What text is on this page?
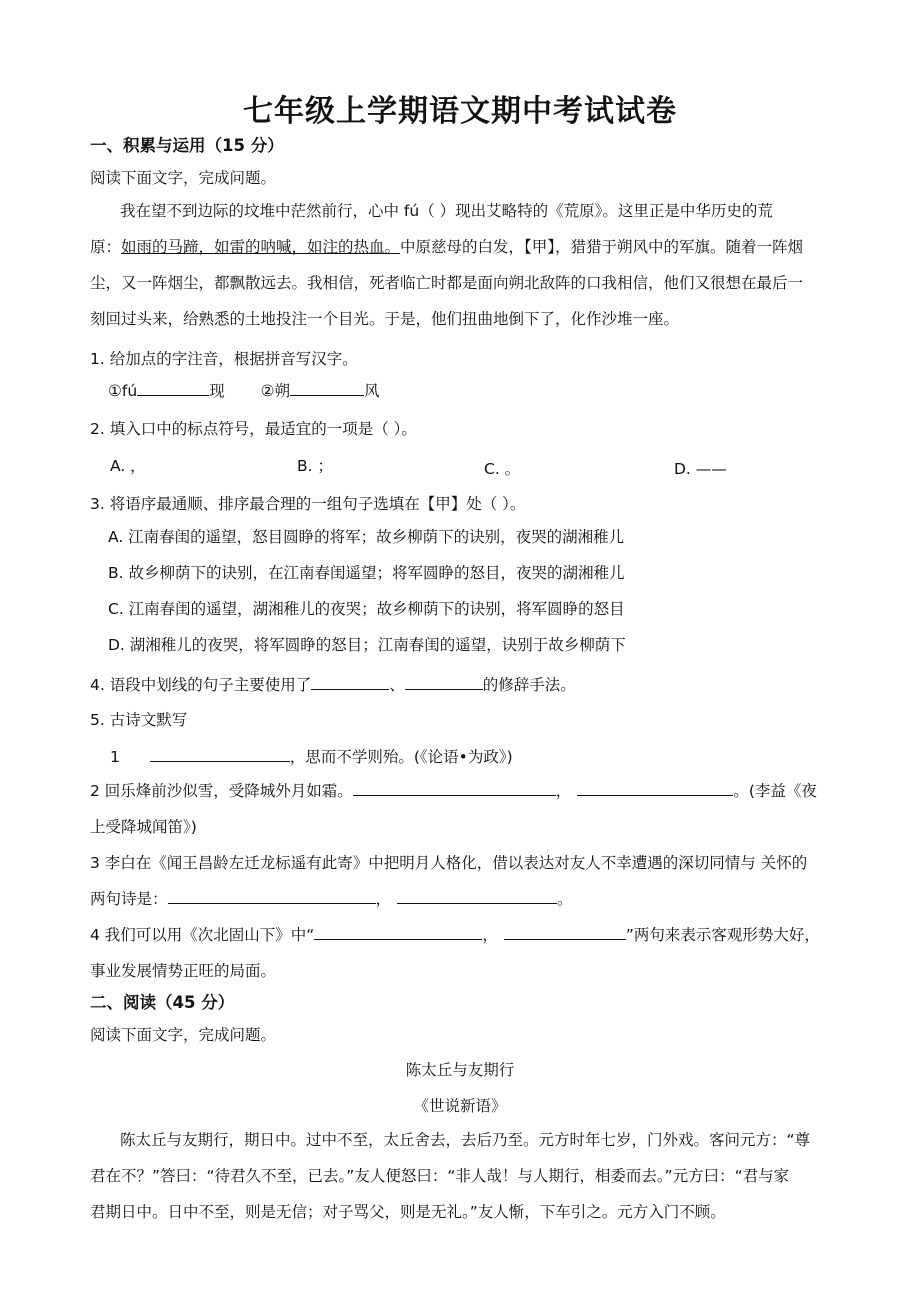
七年级上学期语文期中考试试卷
一、积累与运用（15 分）
阅读下面文字，完成问题。
我在望不到边际的坟堆中茫然前行，心中 fú（ ）现出艾略特的《荒原》。这里正是中华历史的荒
原：如雨的马蹄，如雷的呐喊，如注的热血。中原慈母的白发，【甲】，猎猎于朔风中的军旗。随着一阵烟
尘，又一阵烟尘，都飘散远去。我相信，死者临亡时都是面向朔北敌阵的口我相信，他们又很想在最后一
刻回过头来，给熟悉的土地投注一个目光。于是，他们扭曲地倒下了，化作沙堆一座。
1. 给加点的字注音，根据拼音写汉字。
①fú	现 ②朔	风
2. 填入口中的标点符号，最适宜的一项是（ ）。
A. ，	B. ；	C. 。	D. ——
3. 将语序最通顺、排序最合理的一组句子选填在【甲】处（ ）。
A. 江南春闺的遥望，怒目圆睁的将军；故乡柳荫下的诀别，夜哭的湖湘稚儿
B. 故乡柳荫下的诀别，在江南春闺遥望；将军圆睁的怒目，夜哭的湖湘稚儿
C. 江南春闺的遥望，湖湘稚儿的夜哭；故乡柳荫下的诀别，将军圆睁的怒目
D. 湖湘稚儿的夜哭，将军圆睁的怒目；江南春闺的遥望，诀别于故乡柳荫下
4. 语段中划线的句子主要使用了	、	的修辞手法。
5. 古诗文默写
1	，思而不学则殆。(《论语•为政》)
2 回乐烽前沙似雪，受降城外月如霜。	，	。(李益《夜
上受降城闻笛》)
3 李白在《闻王昌龄左迁龙标遥有此寄》中把明月人格化，借以表达对友人不幸遭遇的深切同情与 关怀的
两句诗是：	，	。
4 我们可以用《次北固山下》中“	，	”两句来表示客观形势大好，
事业发展情势正旺的局面。
二、阅读（45 分）
阅读下面文字，完成问题。
陈太丘与友期行
《世说新语》
陈太丘与友期行，期日中。过中不至，太丘舍去，去后乃至。元方时年七岁，门外戏。客问元方：“尊
君在不？”答曰：“待君久不至，已去。”友人便怒曰：“非人哉！与人期行，相委而去。”元方曰：“君与家
君期日中。日中不至，则是无信；对子骂父，则是无礼。”友人惭，下车引之。元方入门不顾。
